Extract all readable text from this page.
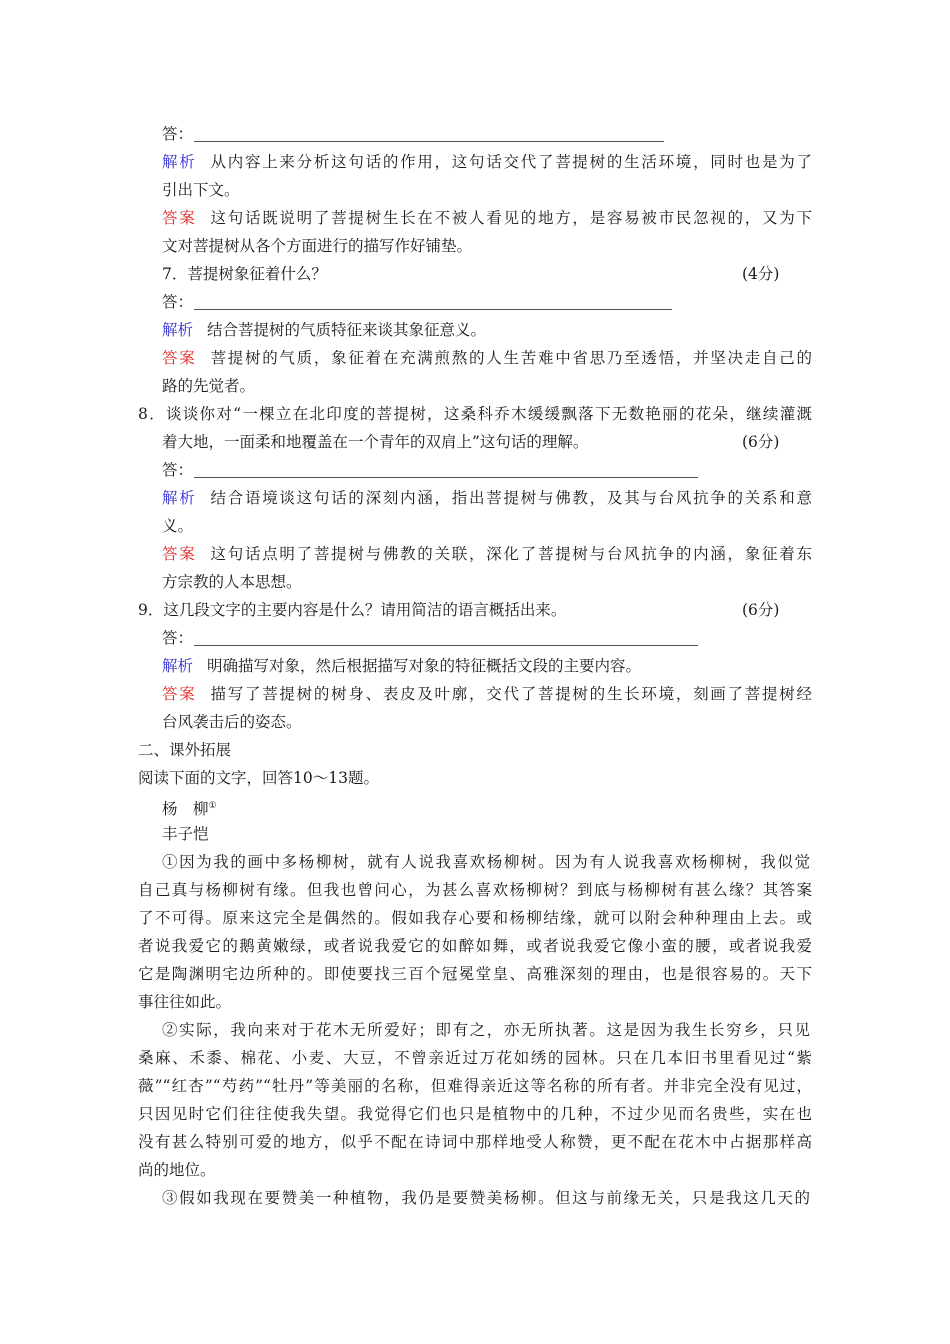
答：
解析 从内容上来分析这句话的作用，这句话交代了菩提树的生活环境，同时也是为了
引出下文。
答案 这句话既说明了菩提树生长在不被人看见的地方，是容易被市民忽视的，又为下
文对菩提树从各个方面进行的描写作好铺垫。
7．菩提树象征着什么？	(4分)
答：
解析 结合菩提树的气质特征来谈其象征意义。
答案 菩提树的气质，象征着在充满煎熬的人生苦难中省思乃至透悟，并坚决走自己的
路的先觉者。
8．谈谈你对“一棵立在北印度的菩提树，这桑科乔木缓缓飘落下无数艳丽的花朵，继续灌溉
着大地，一面柔和地覆盖在一个青年的双肩上”这句话的理解。	(6分)
答：
解析 结合语境谈这句话的深刻内涵，指出菩提树与佛教，及其与台风抗争的关系和意
义。
答案 这句话点明了菩提树与佛教的关联，深化了菩提树与台风抗争的内涵，象征着东
方宗教的人本思想。
9．这几段文字的主要内容是什么？请用简洁的语言概括出来。	(6分)
答：
解析 明确描写对象，然后根据描写对象的特征概括文段的主要内容。
答案 描写了菩提树的树身、表皮及叶廓，交代了菩提树的生长环境，刻画了菩提树经
台风袭击后的姿态。
二、课外拓展
阅读下面的文字，回答10～13题。
杨　柳①
丰子恺
①因为我的画中多杨柳树，就有人说我喜欢杨柳树。因为有人说我喜欢杨柳树，我似觉
自己真与杨柳树有缘。但我也曾问心，为甚么喜欢杨柳树？到底与杨柳树有甚么缘？其答案
了不可得。原来这完全是偶然的。假如我存心要和杨柳结缘，就可以附会种种理由上去。或
者说我爱它的鹅黄嫩绿，或者说我爱它的如醉如舞，或者说我爱它像小蛮的腰，或者说我爱
它是陶渊明宅边所种的。即使要找三百个冠冕堂皇、高雅深刻的理由，也是很容易的。天下
事往往如此。
②实际，我向来对于花木无所爱好；即有之，亦无所执著。这是因为我生长穷乡，只见
桑麻、禾黍、棉花、小麦、大豆，不曾亲近过万花如绣的园林。只在几本旧书里看见过“紫
薇”“红杏”“芍药”“牡丹”等美丽的名称，但难得亲近这等名称的所有者。并非完全没有见过，
只因见时它们往往使我失望。我觉得它们也只是植物中的几种，不过少见而名贵些，实在也
没有甚么特别可爱的地方，似乎不配在诗词中那样地受人称赞，更不配在花木中占据那样高
尚的地位。
③假如我现在要赞美一种植物，我仍是要赞美杨柳。但这与前缘无关，只是我这几天的
